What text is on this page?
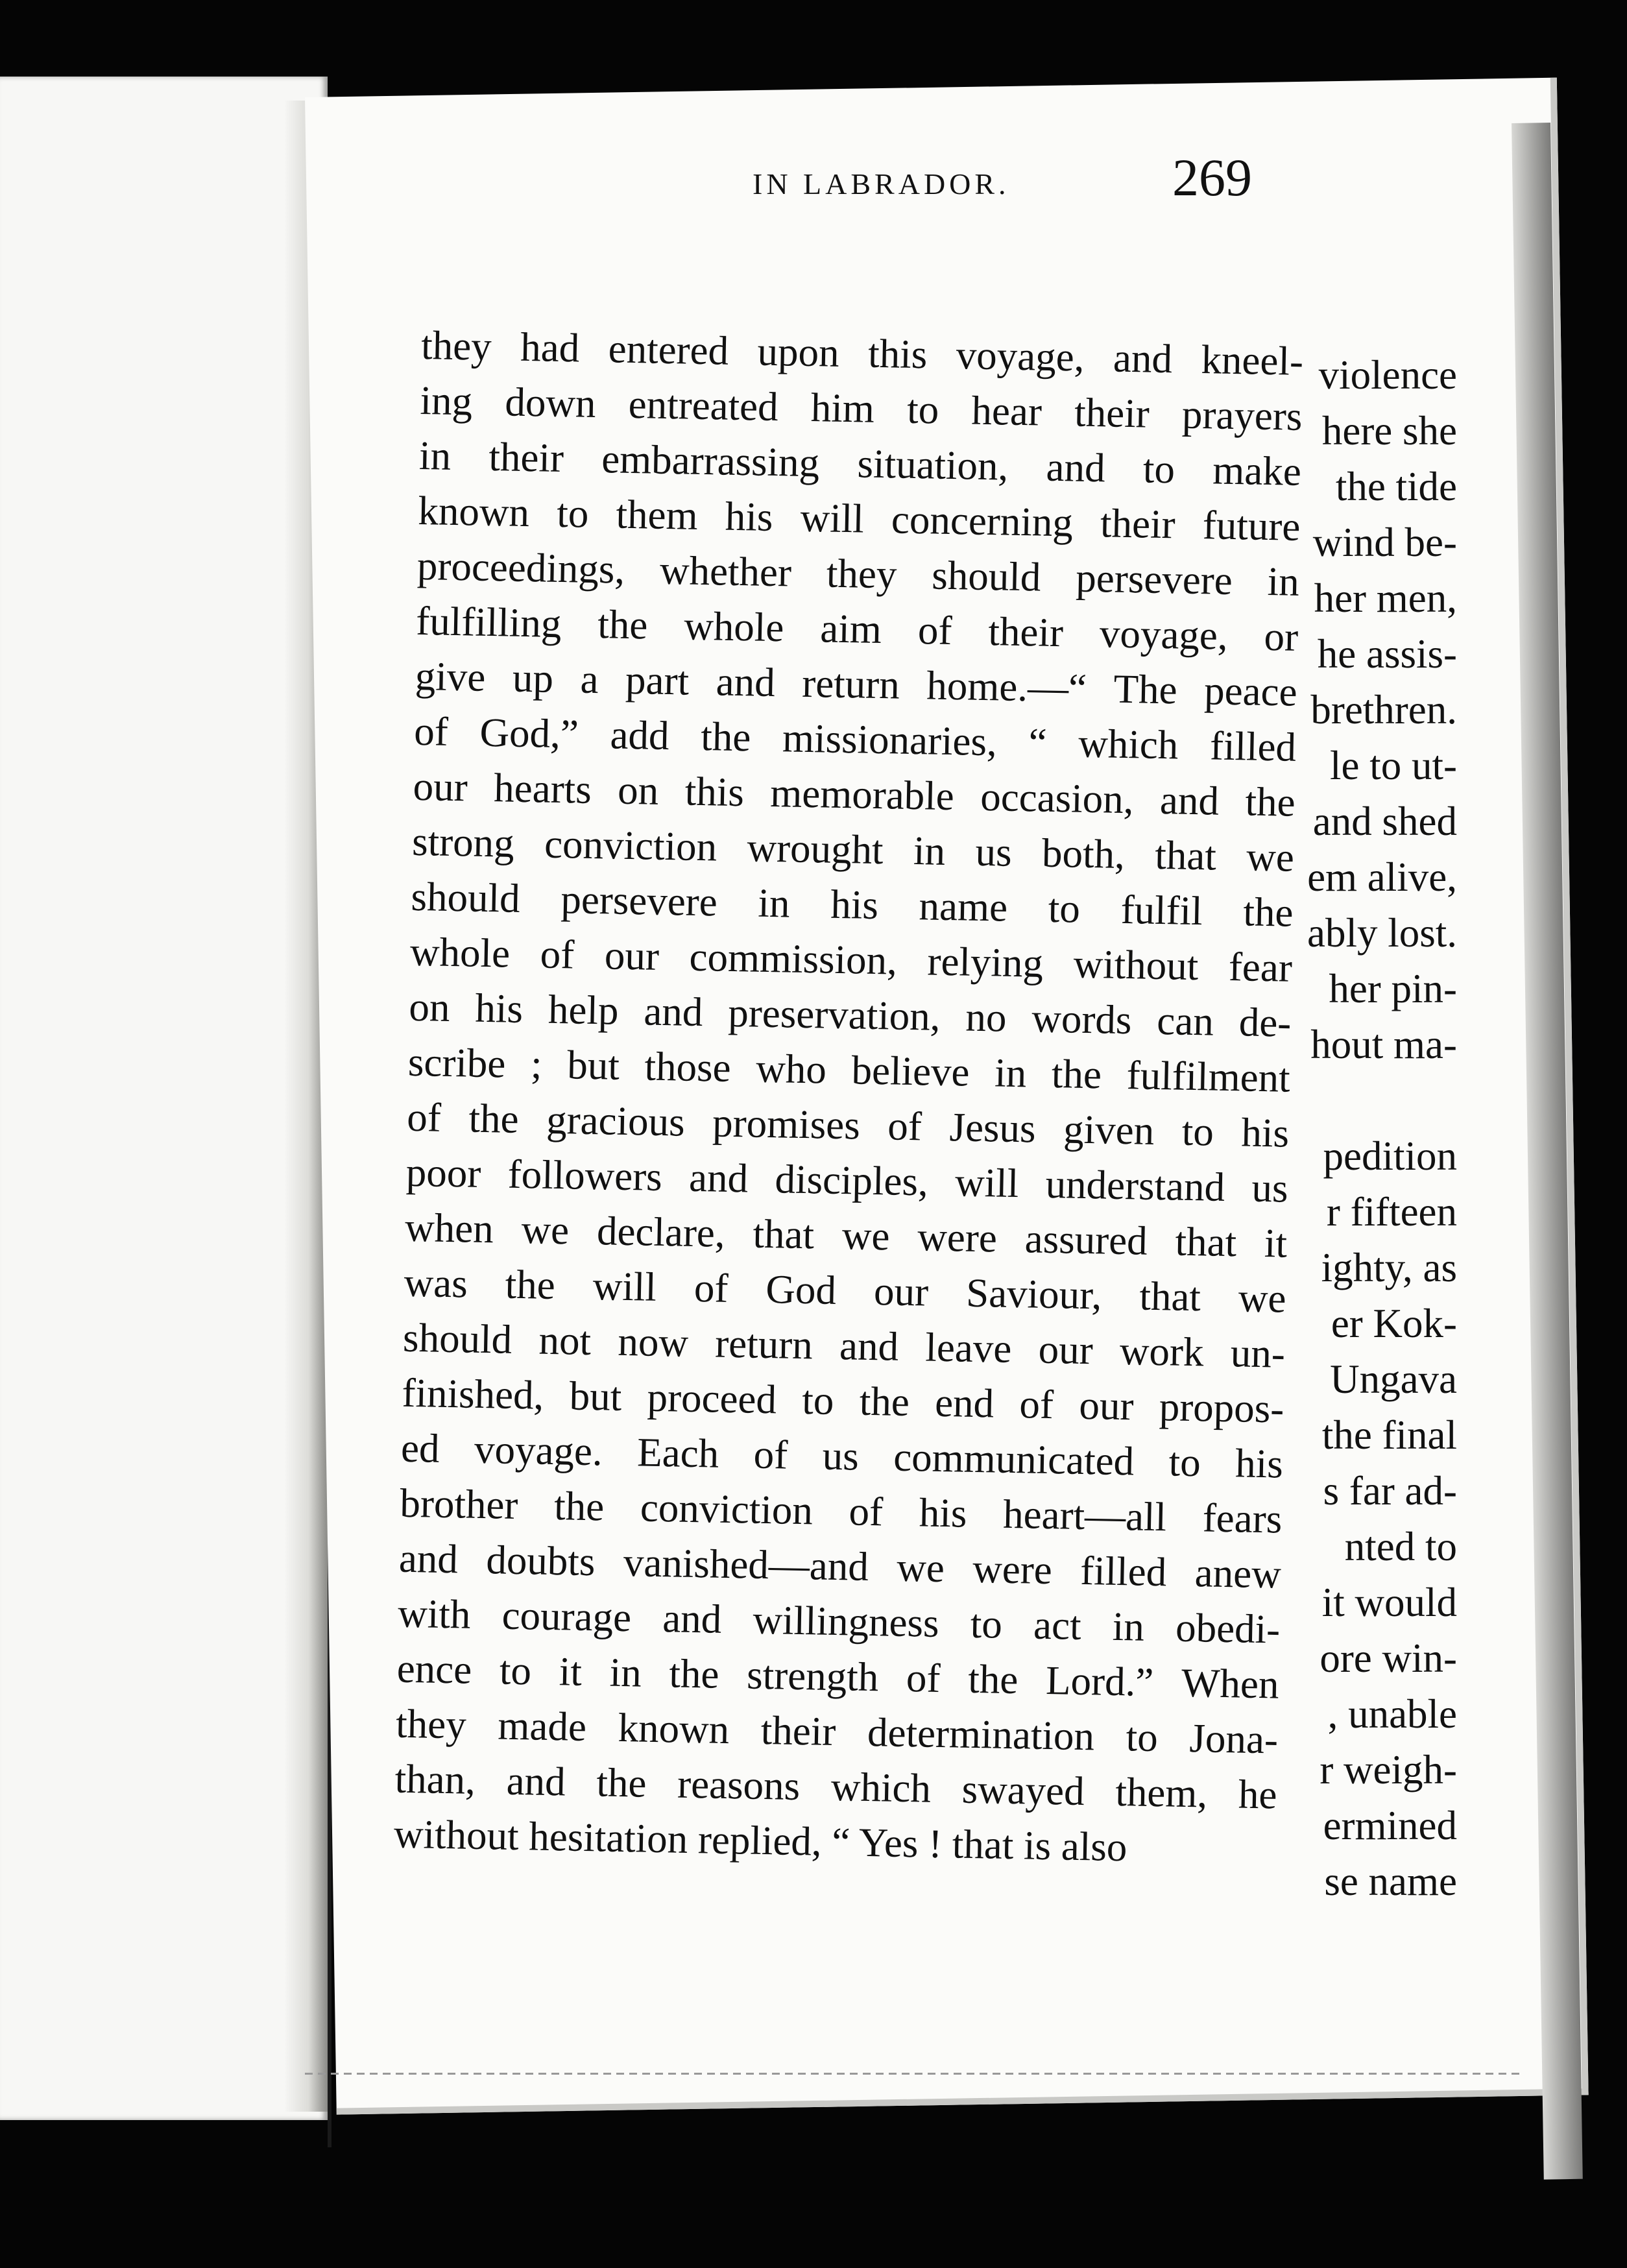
violence
here she
the tide
wind be-
her men,
he assis-
brethren.
le to ut-
and shed
em alive,
ably lost.
her pin-
hout ma-
pedition
r fifteen
ighty, as
er Kok-
Ungava
the final
s far ad-
nted to
it would
ore win-
, unable
r weigh-
ermined
se name
IN LABRADOR.	269
they had entered upon this voyage, and kneel-
ing down entreated him to hear their prayers
in their embarrassing situation, and to make
known to them his will concerning their future
proceedings, whether they should persevere in
fulfilling the whole aim of their voyage, or
give up a part and return home.—“ The peace
of God,” add the missionaries, “ which filled
our hearts on this memorable occasion, and the
strong conviction wrought in us both, that we
should persevere in his name to fulfil the
whole of our commission, relying without fear
on his help and preservation, no words can de-
scribe ; but those who believe in the fulfilment
of the gracious promises of Jesus given to his
poor followers and disciples, will understand us
when we declare, that we were assured that it
was the will of God our Saviour, that we
should not now return and leave our work un-
finished, but proceed to the end of our propos-
ed voyage. Each of us communicated to his
brother the conviction of his heart—all fears
and doubts vanished—and we were filled anew
with courage and willingness to act in obedi-
ence to it in the strength of the Lord.” When
they made known their determination to Jona-
than, and the reasons which swayed them, he
without hesitation replied, “ Yes ! that is also
